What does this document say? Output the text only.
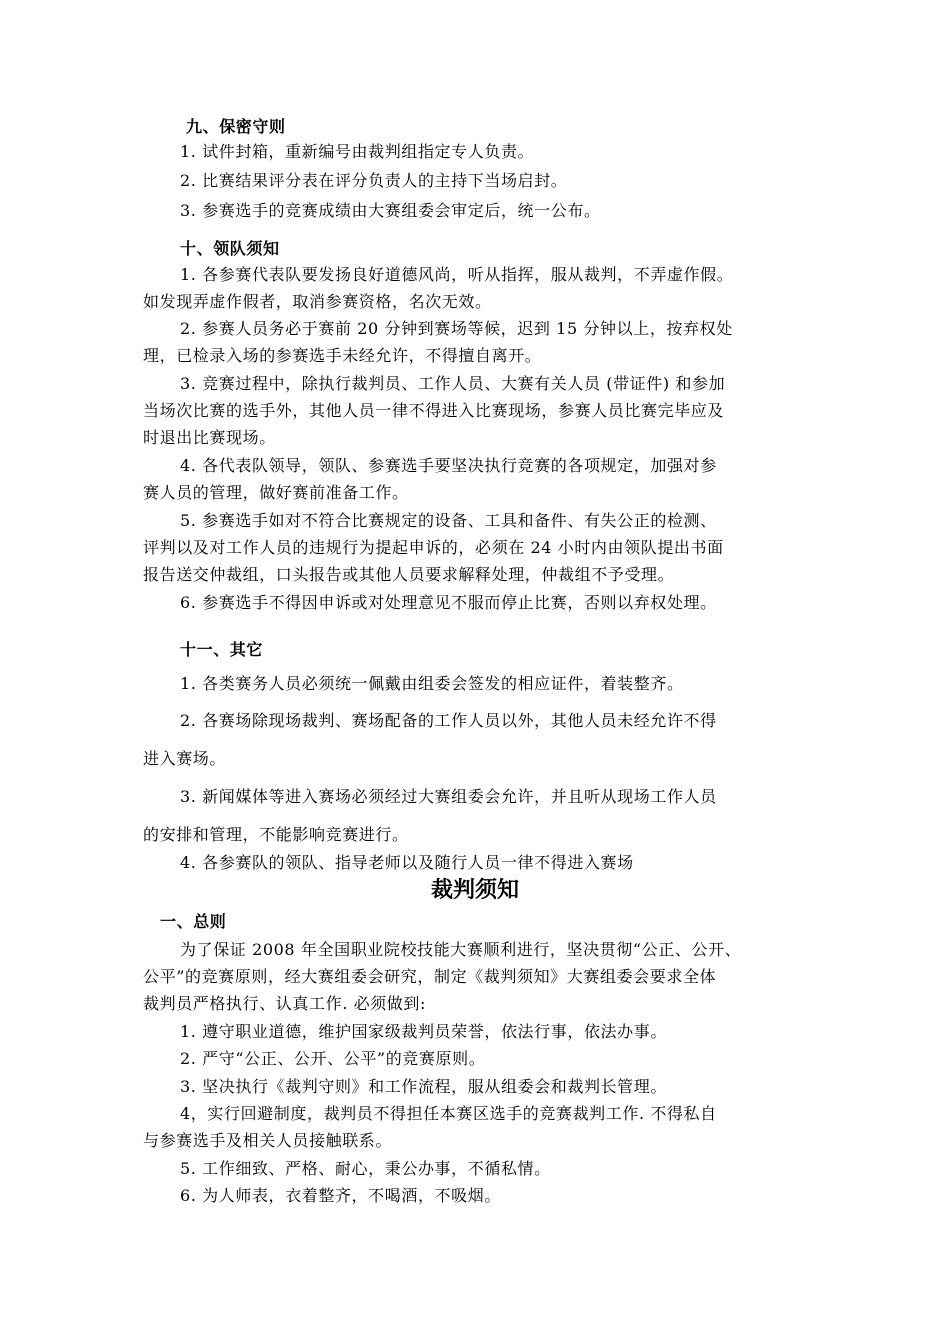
九、保密守则
1. 试件封箱，重新编号由裁判组指定专人负责。
2. 比赛结果评分表在评分负责人的主持下当场启封。
3. 参赛选手的竞赛成绩由大赛组委会审定后，统一公布。
十、领队须知
1. 各参赛代表队要发扬良好道德风尚，听从指挥，服从裁判，不弄虚作假。
如发现弄虚作假者，取消参赛资格，名次无效。
2. 参赛人员务必于赛前 20 分钟到赛场等候，迟到 15 分钟以上，按弃权处
理，已检录入场的参赛选手未经允许，不得擅自离开。
3. 竞赛过程中，除执行裁判员、工作人员、大赛有关人员 (带证件) 和参加
当场次比赛的选手外，其他人员一律不得进入比赛现场，参赛人员比赛完毕应及
时退出比赛现场。
4. 各代表队领导，领队、参赛选手要坚决执行竞赛的各项规定，加强对参
赛人员的管理，做好赛前准备工作。
5. 参赛选手如对不符合比赛规定的设备、工具和备件、有失公正的检测、
评判以及对工作人员的违规行为提起申诉的，必须在 24 小时内由领队提出书面
报告送交仲裁组，口头报告或其他人员要求解释处理，仲裁组不予受理。
6. 参赛选手不得因申诉或对处理意见不服而停止比赛，否则以弃权处理。
十一、其它
1. 各类赛务人员必须统一佩戴由组委会签发的相应证件，着装整齐。
2. 各赛场除现场裁判、赛场配备的工作人员以外，其他人员未经允许不得
进入赛场。
3. 新闻媒体等进入赛场必须经过大赛组委会允许，并且听从现场工作人员
的安排和管理，不能影响竞赛进行。
4. 各参赛队的领队、指导老师以及随行人员一律不得进入赛场
裁判须知
一、总则
为了保证 2008 年全国职业院校技能大赛顺利进行，坚决贯彻“公正、公开、
公平”的竞赛原则，经大赛组委会研究，制定《裁判须知》大赛组委会要求全体
裁判员严格执行、认真工作. 必须做到:
1. 遵守职业道德，维护国家级裁判员荣誉，依法行事，依法办事。
2. 严守“公正、公开、公平”的竞赛原则。
3. 坚决执行《裁判守则》和工作流程，服从组委会和裁判长管理。
4，实行回避制度，裁判员不得担任本赛区选手的竞赛裁判工作. 不得私自
与参赛选手及相关人员接触联系。
5. 工作细致、严格、耐心，秉公办事，不循私情。
6. 为人师表，衣着整齐，不喝酒，不吸烟。
